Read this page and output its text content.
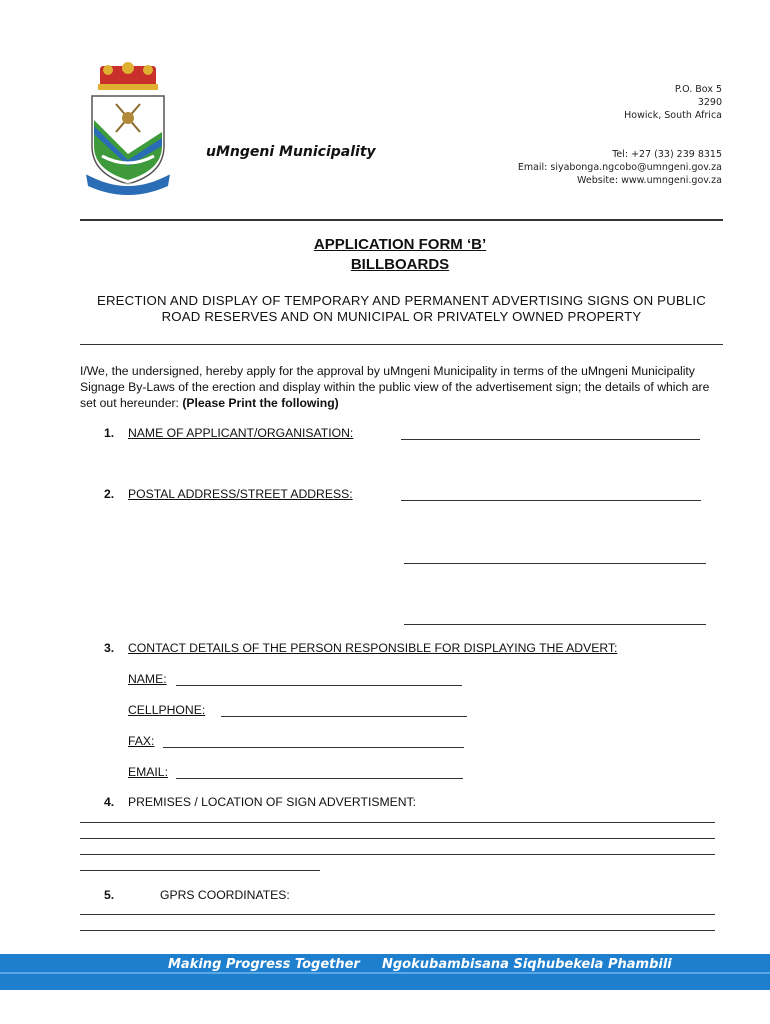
uMngeni Municipality
P.O. Box 5
3290
Howick, South Africa
Tel: +27 (33) 239 8315
Email: siyabonga.ngcobo@umngeni.gov.za
Website: www.umngeni.gov.za
APPLICATION FORM ‘B’
BILLBOARDS
ERECTION AND DISPLAY OF TEMPORARY AND PERMANENT ADVERTISING SIGNS ON PUBLIC ROAD RESERVES AND ON MUNICIPAL OR PRIVATELY OWNED PROPERTY
I/We, the undersigned, hereby apply for the approval by uMngeni Municipality in terms of the uMngeni Municipality Signage By-Laws of the erection and display within the public view of the advertisement sign; the details of which are set out hereunder: (Please Print the following)
1. NAME OF APPLICANT/ORGANISATION:
2. POSTAL ADDRESS/STREET ADDRESS:
3. CONTACT DETAILS OF THE PERSON RESPONSIBLE FOR DISPLAYING THE ADVERT:
NAME:
CELLPHONE:
FAX:
EMAIL:
4. PREMISES / LOCATION OF SIGN ADVERTISMENT:
5.	GPRS COORDINATES:
Making Progress Together Ngokubambisana Siqhubekela Phambili
